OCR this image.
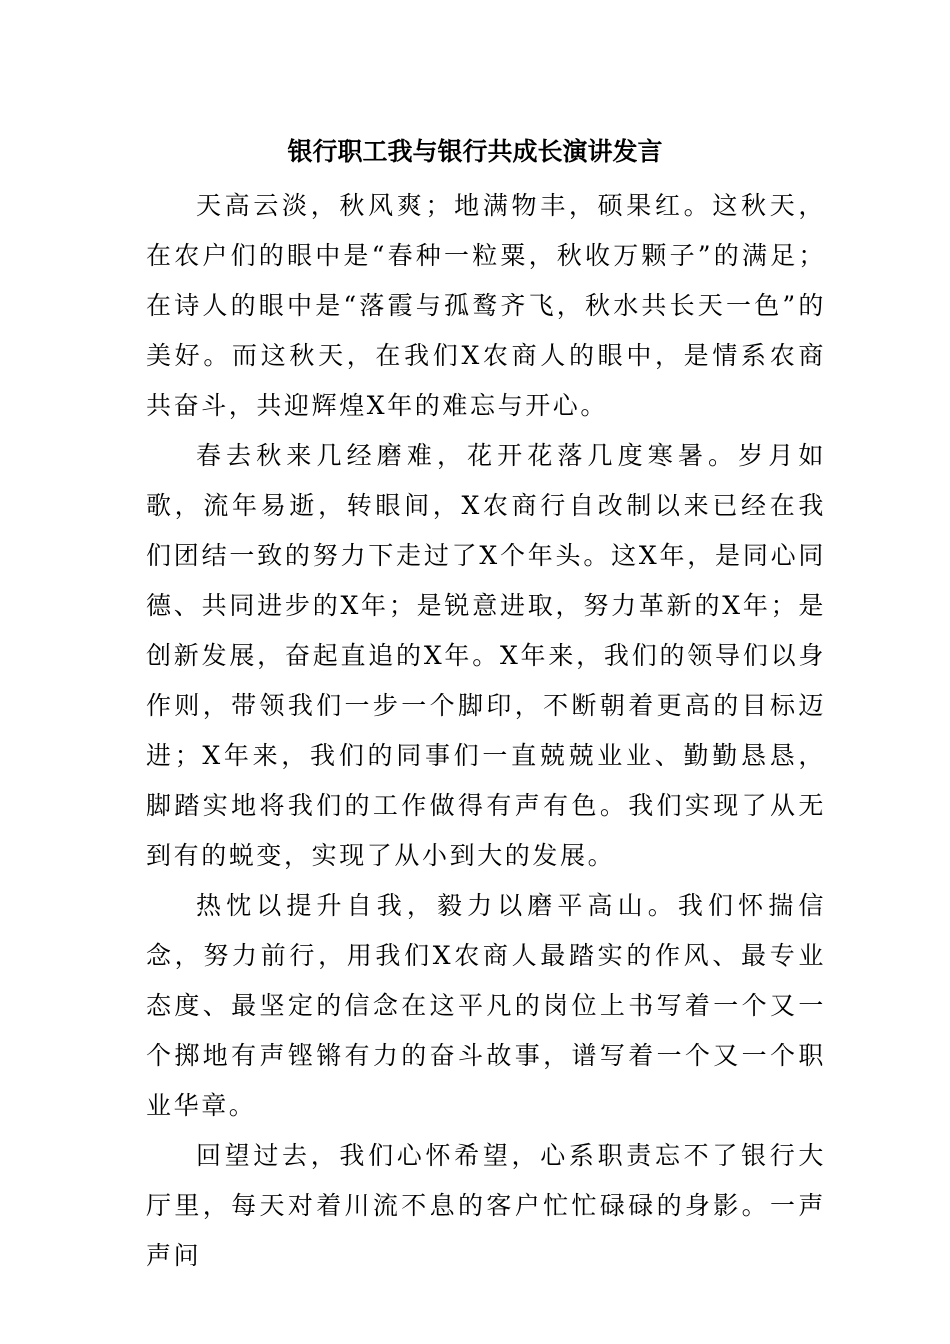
银行职工我与银行共成长演讲发言

天高云淡，秋风爽；地满物丰，硕果红。这秋天，在农户们的眼中是“春种一粒粟，秋收万颗子”的满足；在诗人的眼中是“落霞与孤鹜齐飞，秋水共长天一色”的美好。而这秋天，在我们X农商人的眼中，是情系农商共奋斗，共迎辉煌X年的难忘与开心。

春去秋来几经磨难，花开花落几度寒暑。岁月如歌，流年易逝，转眼间，X农商行自改制以来已经在我们团结一致的努力下走过了X个年头。这X年，是同心同德、共同进步的X年；是锐意进取，努力革新的X年；是创新发展，奋起直追的X年。X年来，我们的领导们以身作则，带领我们一步一个脚印，不断朝着更高的目标迈进；X年来，我们的同事们一直兢兢业业、勤勤恳恳，脚踏实地将我们的工作做得有声有色。我们实现了从无到有的蜕变，实现了从小到大的发展。

热忱以提升自我，毅力以磨平高山。我们怀揣信念，努力前行，用我们X农商人最踏实的作风、最专业态度、最坚定的信念在这平凡的岗位上书写着一个又一个掷地有声铿锵有力的奋斗故事，谱写着一个又一个职业华章。

回望过去，我们心怀希望，心系职责忘不了银行大厅里，每天对着川流不息的客户忙忙碌碌的身影。一声声问
